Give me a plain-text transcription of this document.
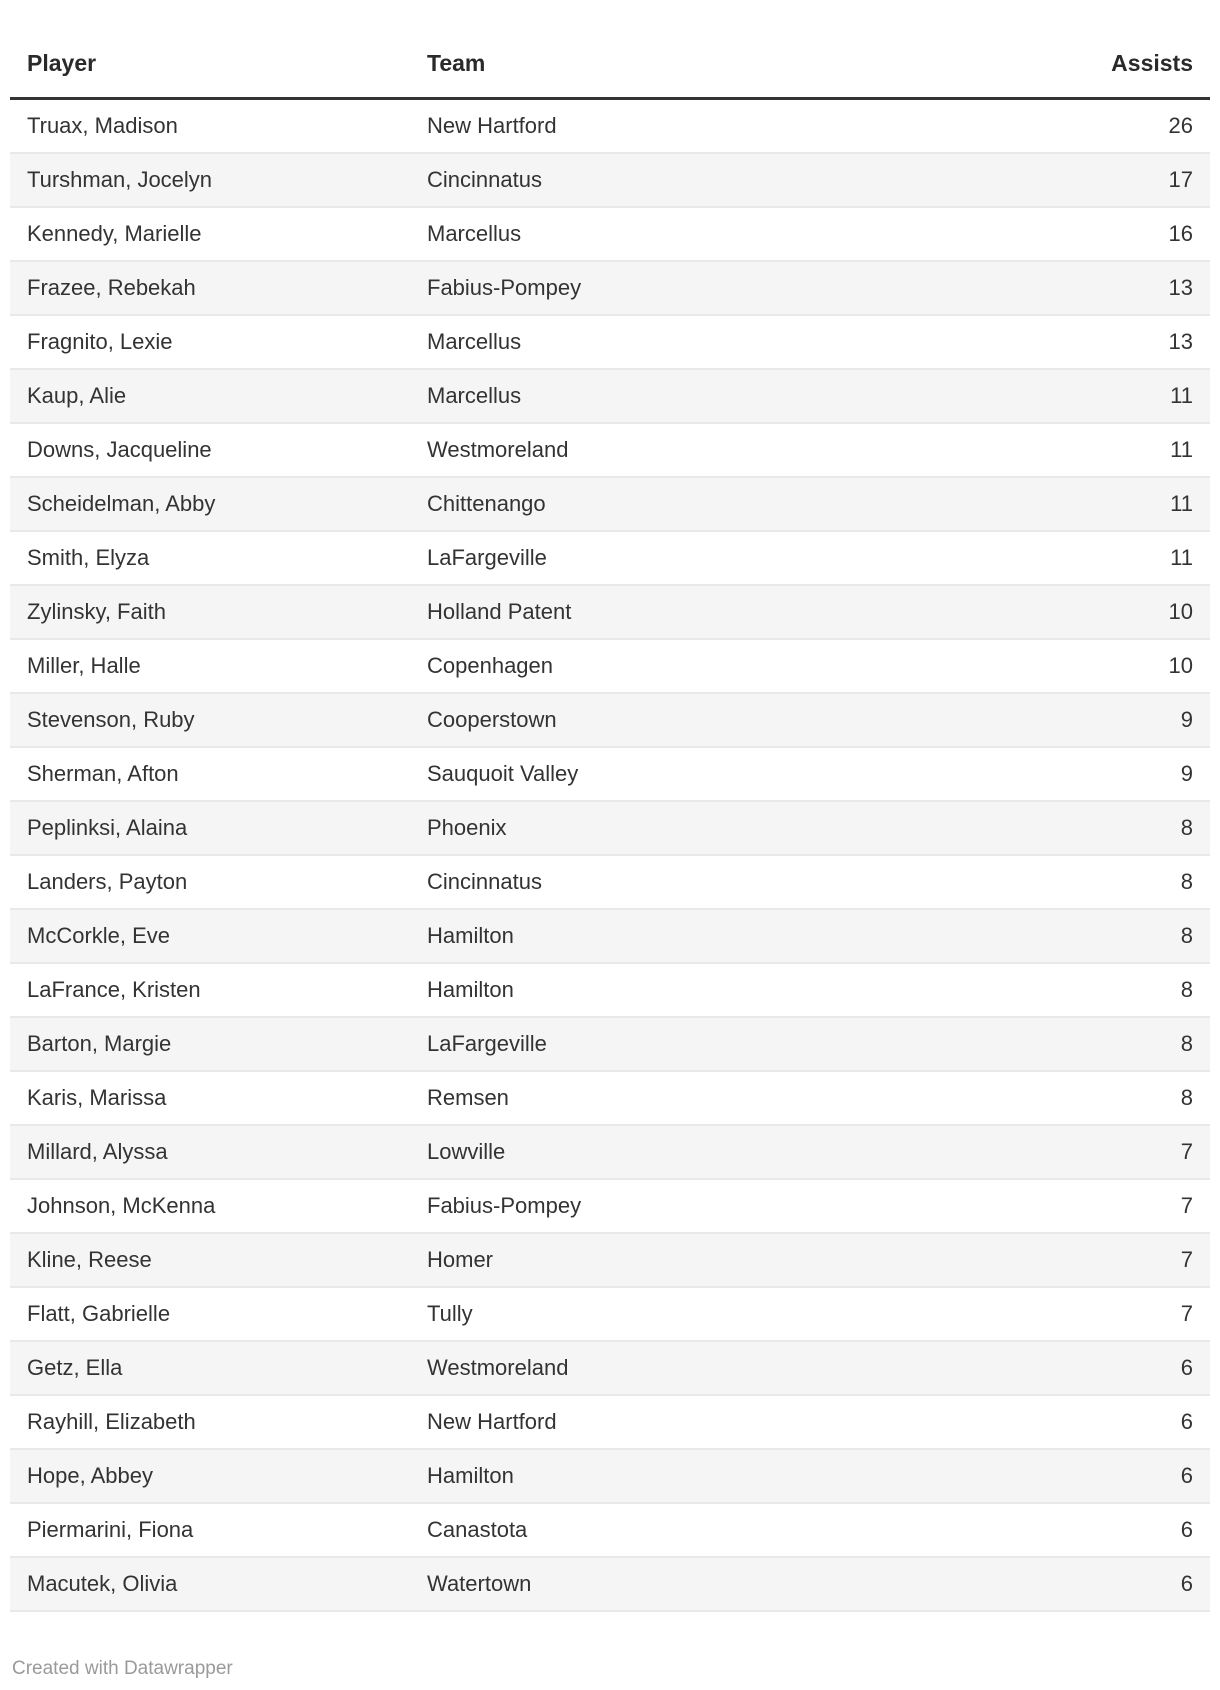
Player	Team	Assists
Truax, Madison	New Hartford	26
Turshman, Jocelyn	Cincinnatus	17
Kennedy, Marielle	Marcellus	16
Frazee, Rebekah	Fabius-Pompey	13
Fragnito, Lexie	Marcellus	13
Kaup, Alie	Marcellus	11
Downs, Jacqueline	Westmoreland	11
Scheidelman, Abby	Chittenango	11
Smith, Elyza	LaFargeville	11
Zylinsky, Faith	Holland Patent	10
Miller, Halle	Copenhagen	10
Stevenson, Ruby	Cooperstown	9
Sherman, Afton	Sauquoit Valley	9
Peplinksi, Alaina	Phoenix	8
Landers, Payton	Cincinnatus	8
McCorkle, Eve	Hamilton	8
LaFrance, Kristen	Hamilton	8
Barton, Margie	LaFargeville	8
Karis, Marissa	Remsen	8
Millard, Alyssa	Lowville	7
Johnson, McKenna	Fabius-Pompey	7
Kline, Reese	Homer	7
Flatt, Gabrielle	Tully	7
Getz, Ella	Westmoreland	6
Rayhill, Elizabeth	New Hartford	6
Hope, Abbey	Hamilton	6
Piermarini, Fiona	Canastota	6
Macutek, Olivia	Watertown	6
Created with Datawrapper
